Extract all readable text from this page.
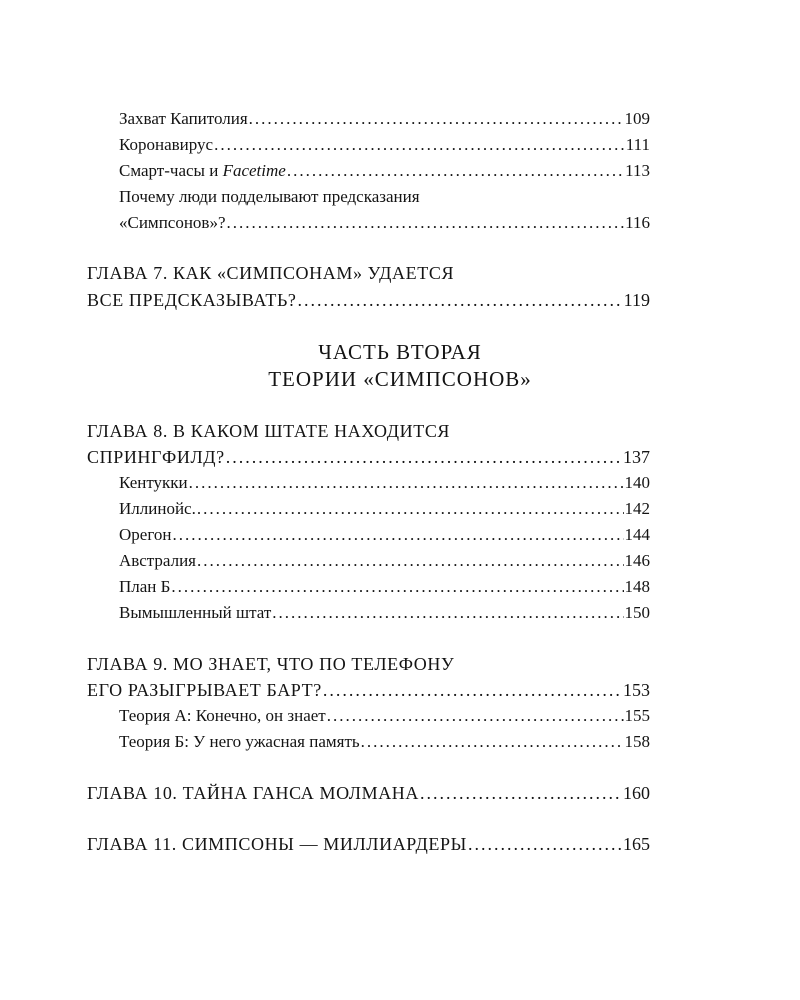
Захват Капитолия .....	109
Коронавирус .....	111
Смарт-часы и Facetime .....	113
Почему люди подделывают предсказания
«Симпсонов»? .....	116
ГЛАВА 7. КАК «СИМПСОНАМ» УДАЕТСЯ
ВСЕ ПРЕДСКАЗЫВАТЬ? .....	119
ЧАСТЬ ВТОРАЯ
ТЕОРИИ «СИМПСОНОВ»
ГЛАВА 8. В КАКОМ ШТАТЕ НАХОДИТСЯ
СПРИНГФИЛД? .....	137
Кентукки .....	140
Иллинойс. .....	142
Орегон .....	144
Австралия .....	146
План Б .....	148
Вымышленный штат .....	150
ГЛАВА 9. МО ЗНАЕТ, ЧТО ПО ТЕЛЕФОНУ
ЕГО РАЗЫГРЫВАЕТ БАРТ? .....	153
Теория А: Конечно, он знает .....	155
Теория Б: У него ужасная память .....	158
ГЛАВА 10. ТАЙНА ГАНСА МОЛМАНА .....	160
ГЛАВА 11. СИМПСОНЫ — МИЛЛИАРДЕРЫ .....	165
